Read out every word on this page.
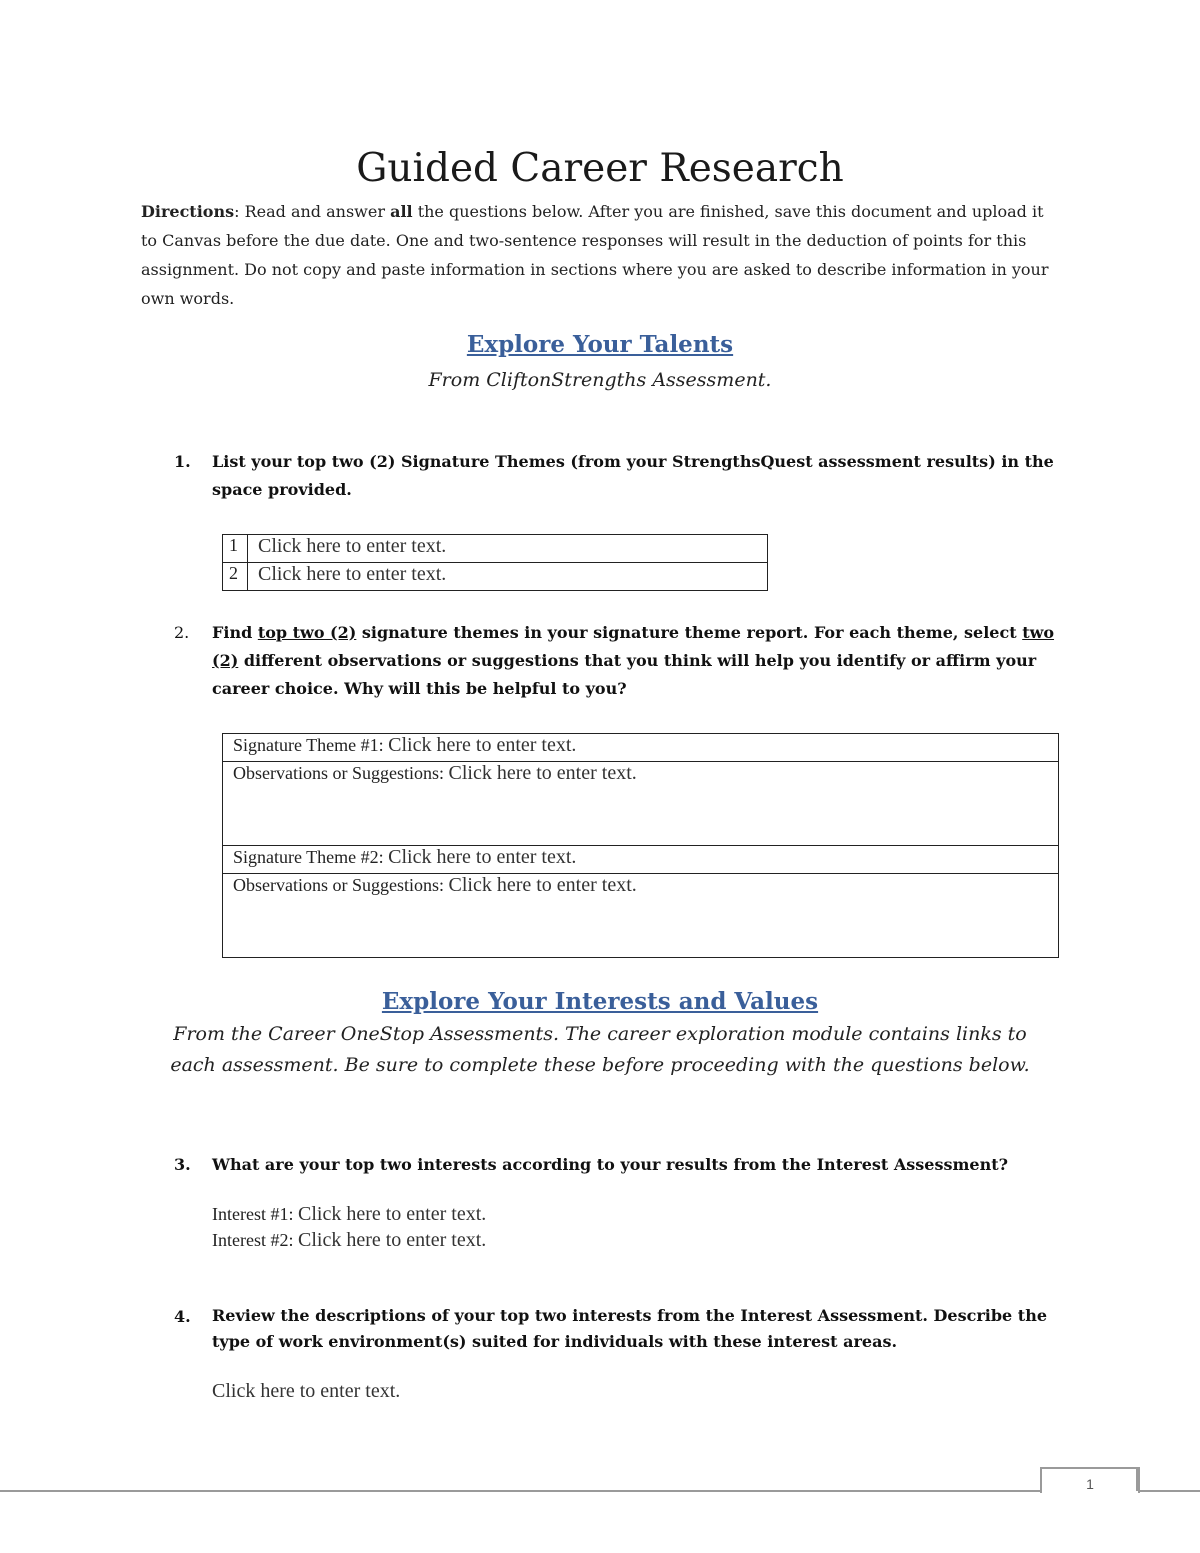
Guided Career Research
Directions: Read and answer all the questions below. After you are finished, save this document and upload it to Canvas before the due date. One and two-sentence responses will result in the deduction of points for this assignment. Do not copy and paste information in sections where you are asked to describe information in your own words.
Explore Your Talents
From CliftonStrengths Assessment.
1. List your top two (2) Signature Themes (from your StrengthsQuest assessment results) in the space provided.
1	Click here to enter text.
2	Click here to enter text.
2. Find top two (2) signature themes in your signature theme report. For each theme, select two (2) different observations or suggestions that you think will help you identify or affirm your career choice. Why will this be helpful to you?
Signature Theme #1: Click here to enter text.
Observations or Suggestions: Click here to enter text.
Signature Theme #2: Click here to enter text.
Observations or Suggestions: Click here to enter text.
Explore Your Interests and Values
From the Career OneStop Assessments. The career exploration module contains links to each assessment. Be sure to complete these before proceeding with the questions below.
3. What are your top two interests according to your results from the Interest Assessment?
Interest #1: Click here to enter text.
Interest #2: Click here to enter text.
4. Review the descriptions of your top two interests from the Interest Assessment. Describe the type of work environment(s) suited for individuals with these interest areas.
Click here to enter text.
1
